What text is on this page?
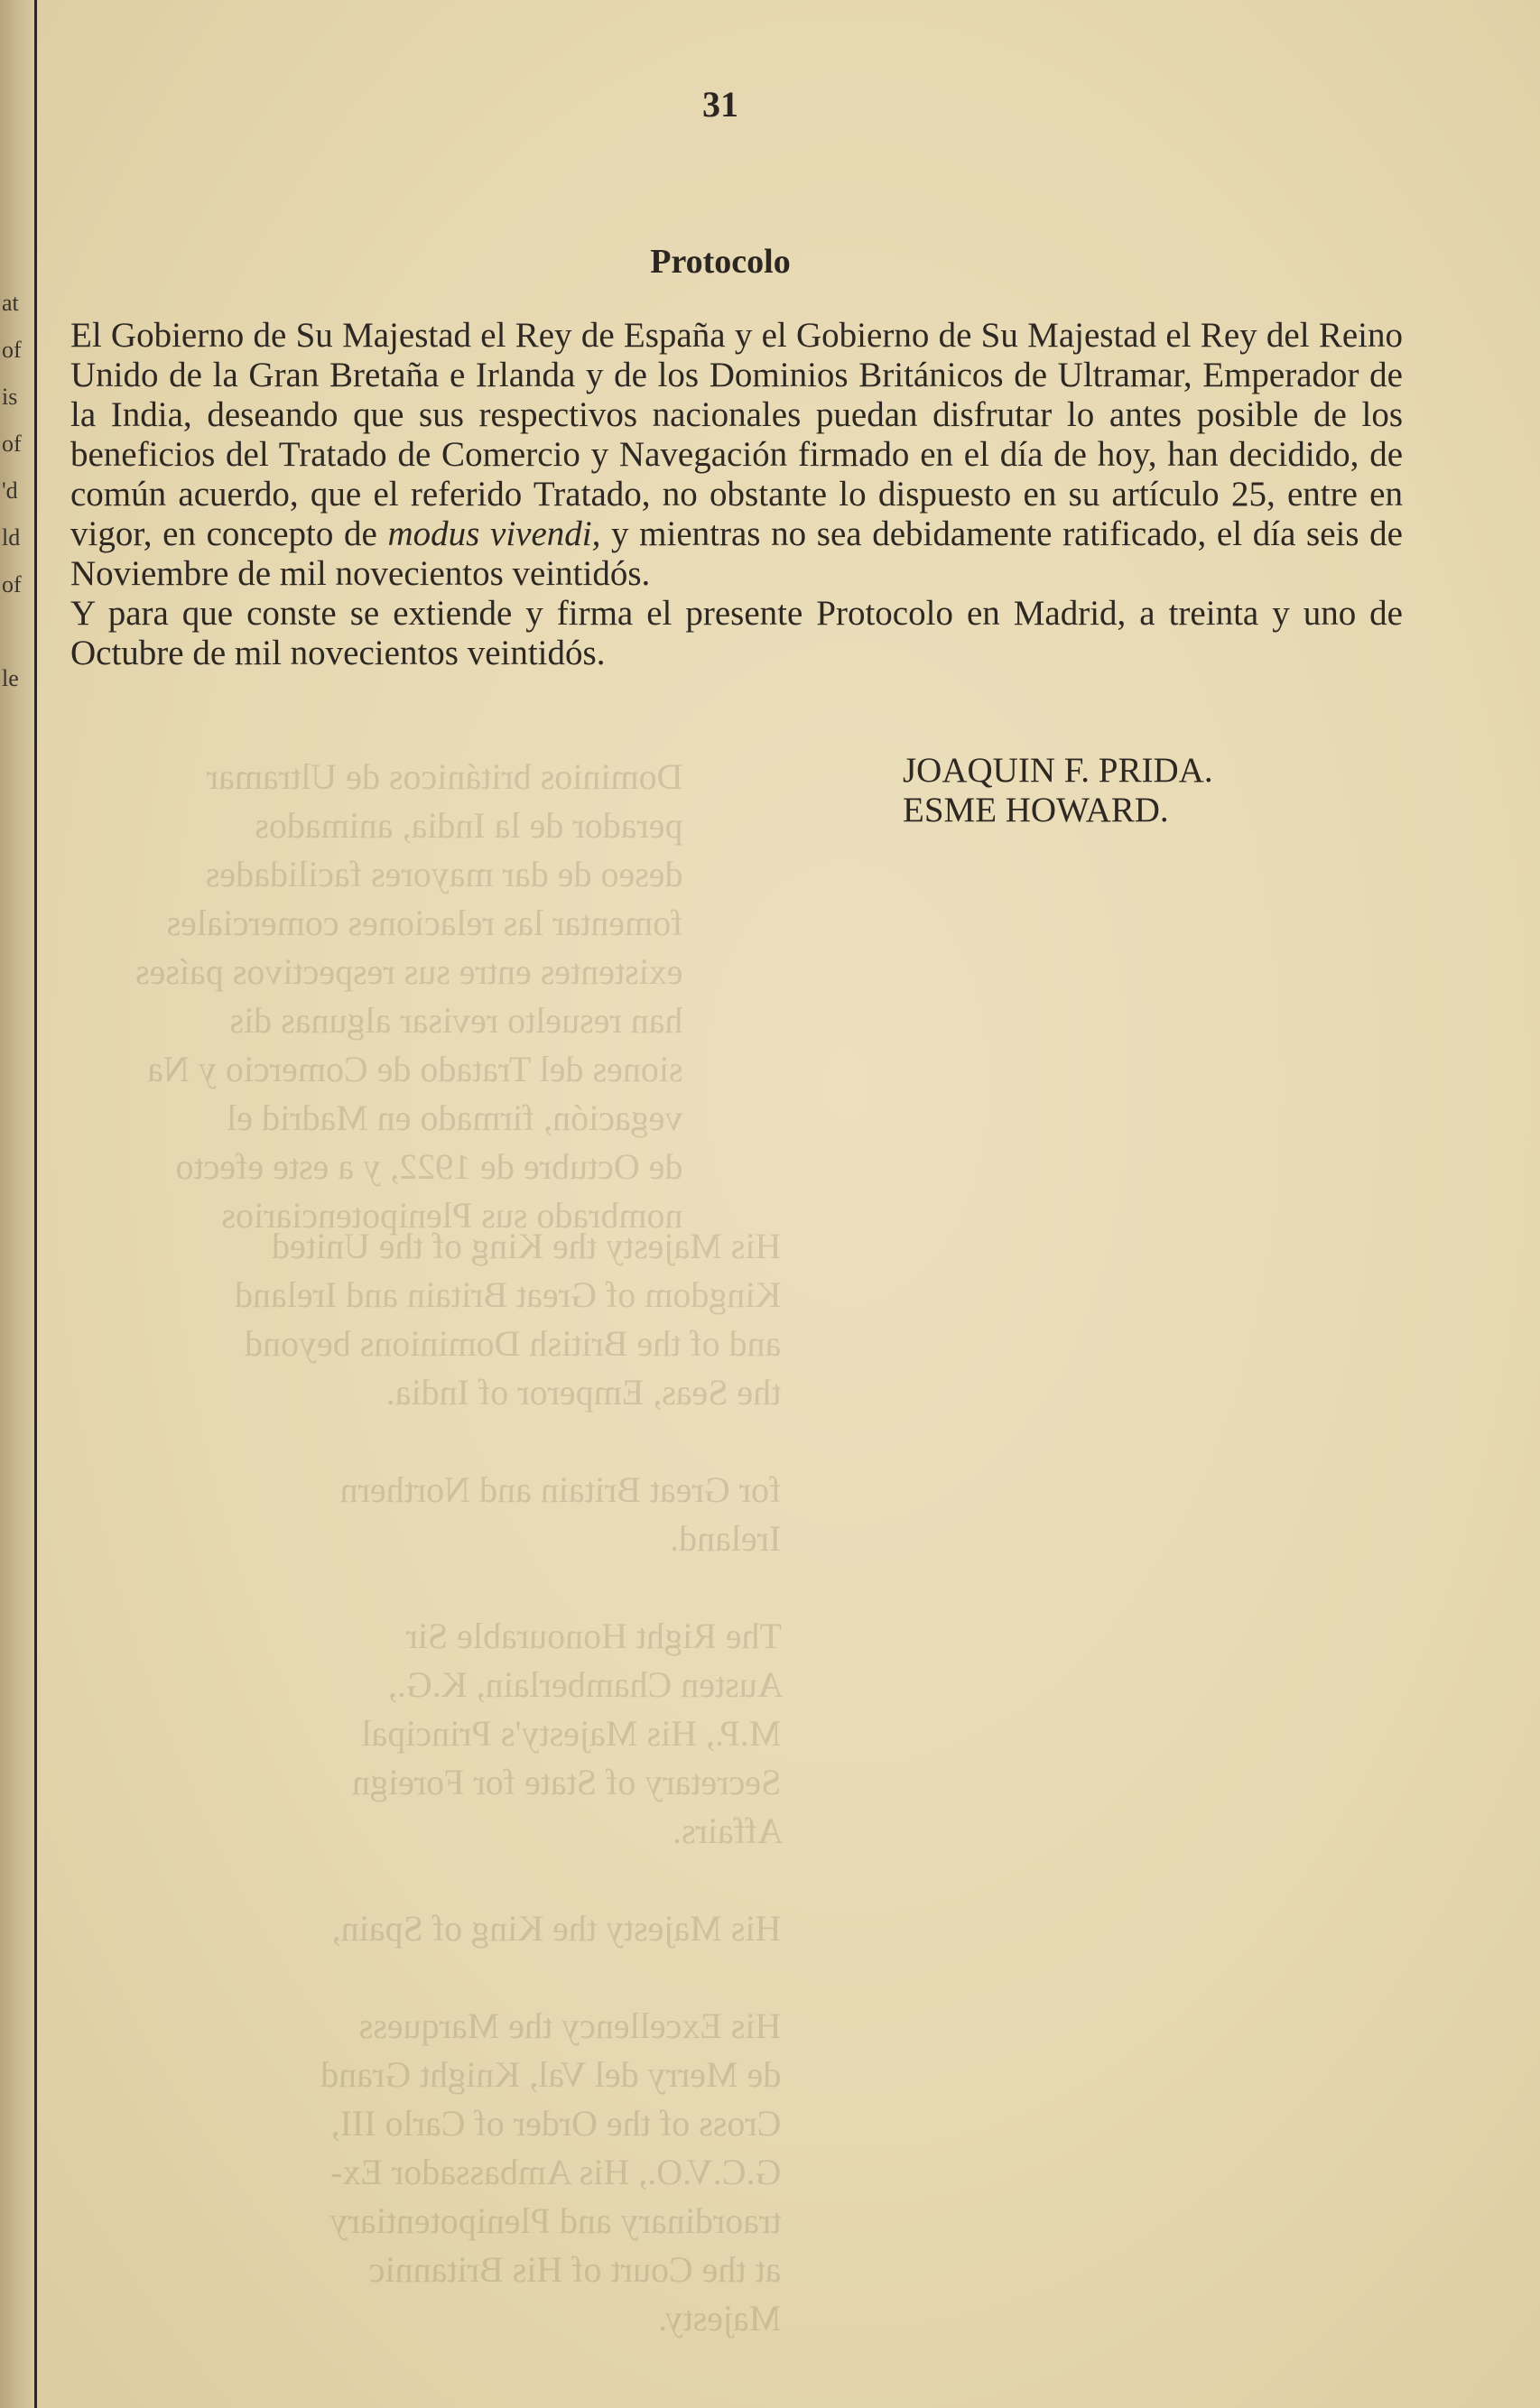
at
of
is
of
'd
ld
of

le

Dominios británicos de Ultramar
perador de la India, animados
deseo de dar mayores facilidades
fomentar las relaciones comerciales
existentes entre sus respectivos países
han resuelto revisar algunas dis
siones del Tratado de Comercio y Na
vegación, firmado en Madrid el
de Octubre de 1922, y a este efecto
nombrado sus Plenipotenciarios

His Majesty the King of the United
Kingdom of Great Britain and Ireland
and of the British Dominions beyond
the Seas, Emperor of India.

for Great Britain and Northern
Ireland.

The Right Honourable Sir
Austen Chamberlain, K.G.,
M.P., His Majesty's Principal
Secretary of State for Foreign
Affairs.

His Majesty the King of Spain,

His Excellency the Marquess
de Merry del Val, Knight Grand
Cross of the Order of Carlo III,
G.C.V.O., His Ambassador Ex-
traordinary and Plenipotentiary
at the Court of His Britannic
Majesty.

31
Protocolo

El Gobierno de Su Majestad el Rey de España y el Gobierno de Su Majestad el Rey del Reino Unido de la Gran Bretaña e Irlanda y de los Dominios Británicos de Ultramar, Emperador de la India, deseando que sus respectivos nacionales puedan disfrutar lo antes posible de los beneficios del Tratado de Comercio y Navegación firmado en el día de hoy, han decidido, de común acuerdo, que el referido Tratado, no obstante lo dispuesto en su artículo 25, entre en vigor, en concepto de modus vivendi, y mientras no sea debidamente ratificado, el día seis de Noviembre de mil novecientos veintidós.

Y para que conste se extiende y firma el presente Protocolo en Madrid, a treinta y uno de Octubre de mil novecientos veintidós.

JOAQUIN F. PRIDA.
ESME HOWARD.
